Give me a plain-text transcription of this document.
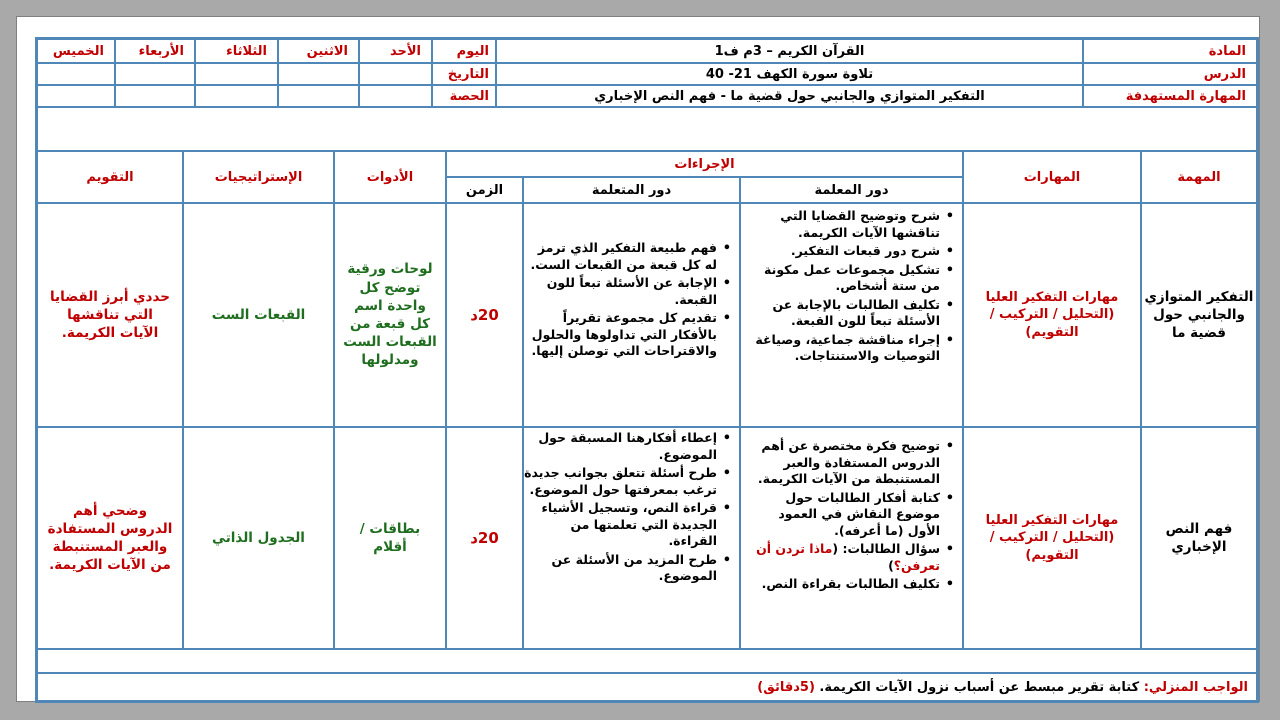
المادة
الدرس
المهارة المستهدفة
القرآن الكريم – 3م ف1
تلاوة سورة الكهف 21- 40
التفكير المتوازي والجانبي حول قضية ما - فهم النص الإخباري
اليوم
التاريخ
الحصة
الأحد
الاثنين
الثلاثاء
الأربعاء
الخميس
المهمة
المهارات
الإجراءات
دور المعلمة
دور المتعلمة
الزمن
الأدوات
الإستراتيجيات
التقويم
التفكير المتوازي
والجانبي حول
قضية ما
مهارات التفكير العليا
(التحليل / التركيب /
التقويم)
• شرح وتوضيح القضايا التي تناقشها الآيات الكريمة.
• شرح دور قبعات التفكير.
• تشكيل مجموعات عمل مكونة من ستة أشخاص.
• تكليف الطالبات بالإجابة عن الأسئلة تبعاً للون القبعة.
• إجراء مناقشة جماعية، وصياغة التوصيات والاستنتاجات.
• فهم طبيعة التفكير الذي ترمز له كل قبعة من القبعات الست.
• الإجابة عن الأسئلة تبعاً للون القبعة.
• تقديم كل مجموعة تقريراً بالأفكار التي تداولوها والحلول والاقتراحات التي توصلن إليها.
20د
لوحات ورقية
توضح كل
واحدة اسم
كل قبعة من
القبعات الست
ومدلولها
القبعات الست
حددي أبرز القضايا
التي تناقشها
الآيات الكريمة.
فهم النص
الإخباري
مهارات التفكير العليا
(التحليل / التركيب /
التقويم)
• توضيح فكرة مختصرة عن أهم الدروس المستفادة والعبر المستنبطة من الآيات الكريمة.
• كتابة أفكار الطالبات حول موضوع النقاش في العمود الأول (ما أعرفه).
• سؤال الطالبات: (ماذا تردن أن تعرفن؟)
• تكليف الطالبات بقراءة النص.
• إعطاء أفكارهنا المسبقة حول الموضوع.
• طرح أسئلة تتعلق بجوانب جديدة ترغب بمعرفتها حول الموضوع.
• قراءة النص، وتسجيل الأشياء الجديدة التي تعلمتها من القراءة.
• طرح المزيد من الأسئلة عن الموضوع.
20د
بطاقات /
أقلام
الجدول الذاتي
وضحي أهم
الدروس المستفادة
والعبر المستنبطة
من الآيات الكريمة.
الواجب المنزلي: كتابة تقرير مبسط عن أسباب نزول الآيات الكريمة. (5دقائق)
